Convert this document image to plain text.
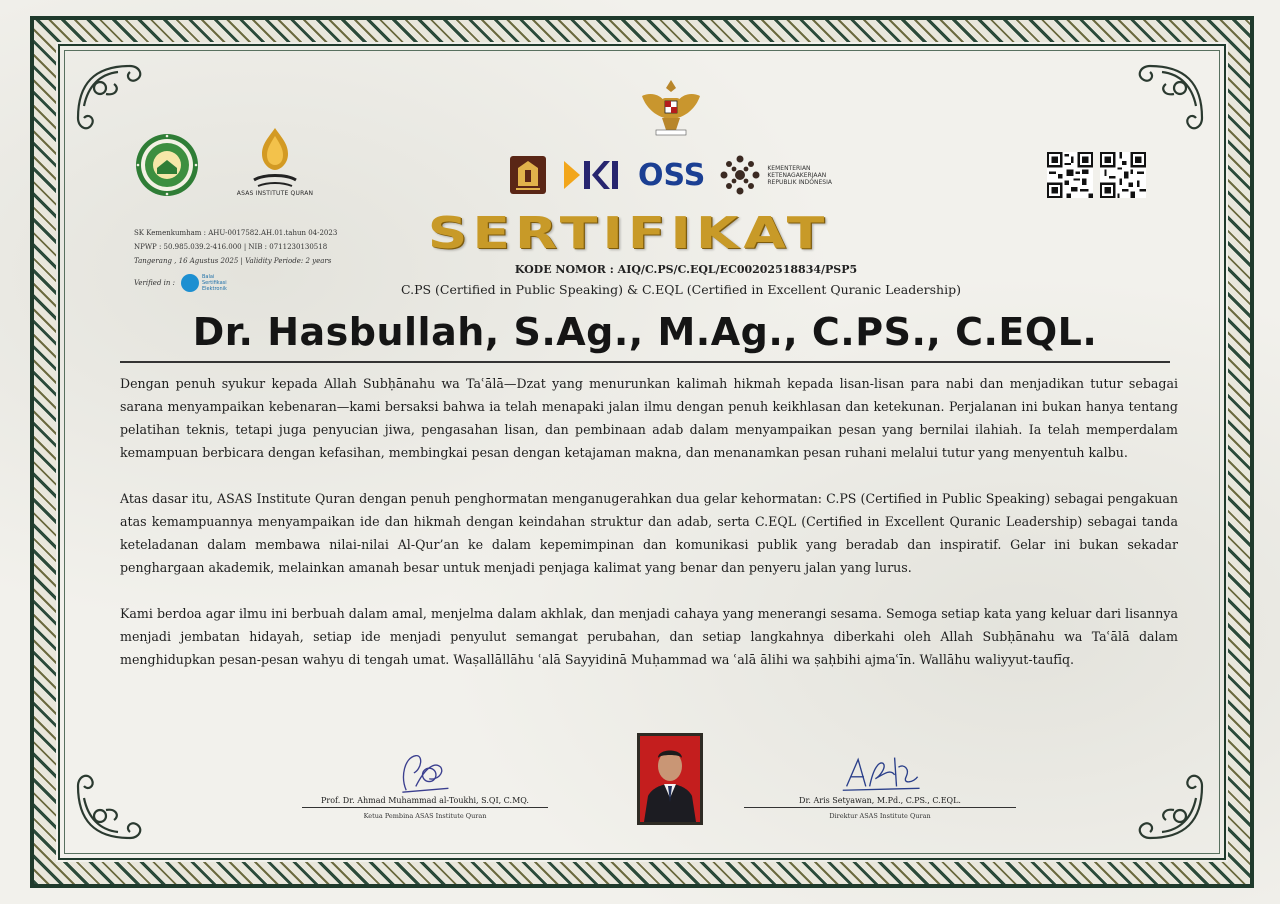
ASAS INSTITUTE QURAN
SK Kemenkumham : AHU-0017582.AH.01.tahun 04-2023
NPWP : 50.985.039.2-416.000 | NIB : 0711230130518
Tangerang , 16 Agustus 2025 | Validity Periode: 2 years
Verified in :
Balai Sertifikasi Elektronik
OSS	KEMENTERIAN KETENAGAKERJAAN REPUBLIK INDONESIA
SERTIFIKAT
KODE NOMOR : AIQ/C.PS/C.EQL/EC00202518834/PSP5
C.PS (Certified in Public Speaking) & C.EQL (Certified in Excellent Quranic Leadership)
Dr. Hasbullah, S.Ag., M.Ag., C.PS., C.EQL.

Dengan penuh syukur kepada Allah Subḥānahu wa Taʿālā—Dzat yang menurunkan kalimah hikmah kepada lisan-lisan para nabi dan menjadikan tutur sebagai sarana menyampaikan kebenaran—kami bersaksi bahwa ia telah menapaki jalan ilmu dengan penuh keikhlasan dan ketekunan. Perjalanan ini bukan hanya tentang pelatihan teknis, tetapi juga penyucian jiwa, pengasahan lisan, dan pembinaan adab dalam menyampaikan pesan yang bernilai ilahiah. Ia telah memperdalam kemampuan berbicara dengan kefasihan, membingkai pesan dengan ketajaman makna, dan menanamkan pesan ruhani melalui tutur yang menyentuh kalbu.

Atas dasar itu, ASAS Institute Quran dengan penuh penghormatan menganugerahkan dua gelar kehormatan: C.PS (Certified in Public Speaking) sebagai pengakuan atas kemampuannya menyampaikan ide dan hikmah dengan keindahan struktur dan adab, serta C.EQL (Certified in Excellent Quranic Leadership) sebagai tanda keteladanan dalam membawa nilai-nilai Al-Qur’an ke dalam kepemimpinan dan komunikasi publik yang beradab dan inspiratif. Gelar ini bukan sekadar penghargaan akademik, melainkan amanah besar untuk menjadi penjaga kalimat yang benar dan penyeru jalan yang lurus.

Kami berdoa agar ilmu ini berbuah dalam amal, menjelma dalam akhlak, dan menjadi cahaya yang menerangi sesama. Semoga setiap kata yang keluar dari lisannya menjadi jembatan hidayah, setiap ide menjadi penyulut semangat perubahan, dan setiap langkahnya diberkahi oleh Allah Subḥānahu wa Taʿālā dalam menghidupkan pesan-pesan wahyu di tengah umat. Waṣallāllāhu ʿalā Sayyidinā Muḥammad wa ʿalā ālihi wa ṣaḥbihi ajmaʿīn. Wallāhu waliyyut-taufīq.

Prof. Dr. Ahmad Muhammad al-Toukhi, S.QI, C.MQ.
Ketua Pembina ASAS Institute Quran
Dr. Aris Setyawan, M.Pd., C.PS., C.EQL.
Direktur ASAS Institute Quran
